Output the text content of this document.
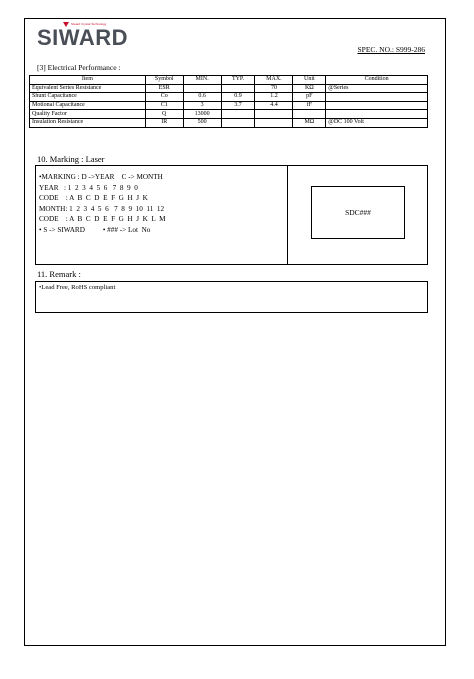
Siward Crystal Technology
SIWARD	SPEC. NO.: S999-286
[3] Electrical Performance :
Item	Symbol	MIN.	TYP.	MAX.	Unit	Condition
Equivalent Series Resistance	ESR			70	KΩ	@Series
Shunt Capacitance	Co	0.6	0.9	1.2	pF	
Motional Capacitance	C1	3	3.7	4.4	fF	
Quality Factor	Q	13000				
Insulation Resistance	IR	500			MΩ	@DC 100 Volt
10. Marking : Laser
•MARKING : D ->YEAR    C -> MONTH
YEAR   : 1  2  3  4  5  6   7  8  9  0
CODE    : A  B  C  D  E  F  G  H  J  K
MONTH: 1  2  3  4  5  6   7  8  9  10  11  12
CODE    : A  B  C  D  E  F  G  H  J  K  L  M
• S -> SIWARD          • ### -> Lot  No
SDC###
11. Remark :
•Lead Free, RoHS compliant
